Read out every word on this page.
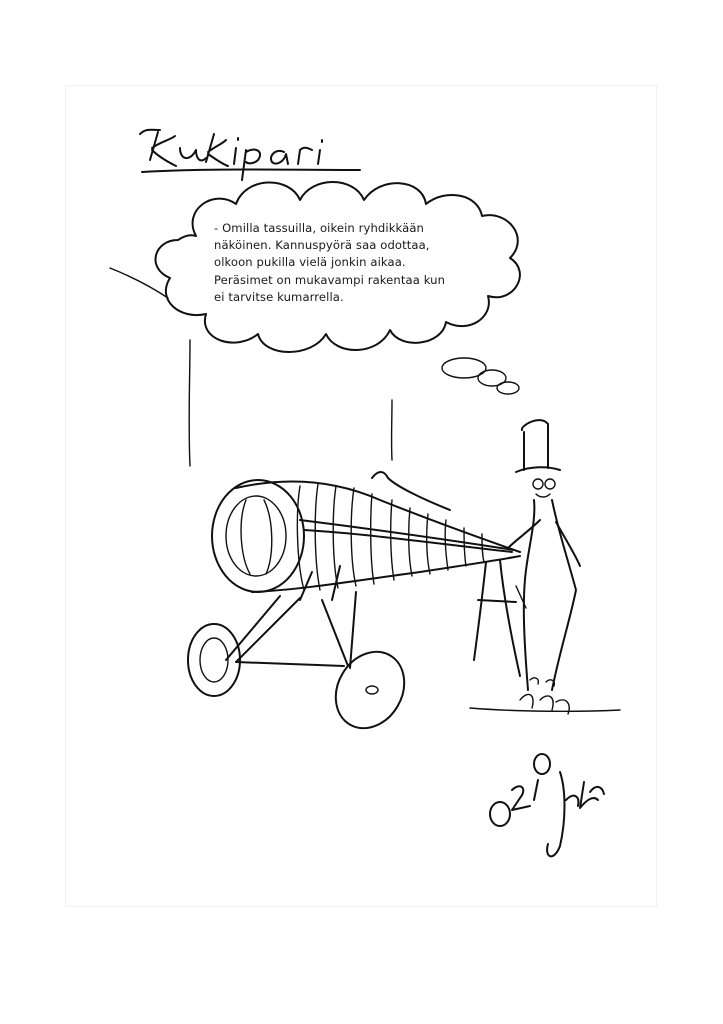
- Omilla tassuilla, oikein ryhdikkään
näköinen. Kannuspyörä saa odottaa,
olkoon pukilla vielä jonkin aikaa.
Peräsimet on mukavampi rakentaa kun
ei tarvitse kumarrella.
